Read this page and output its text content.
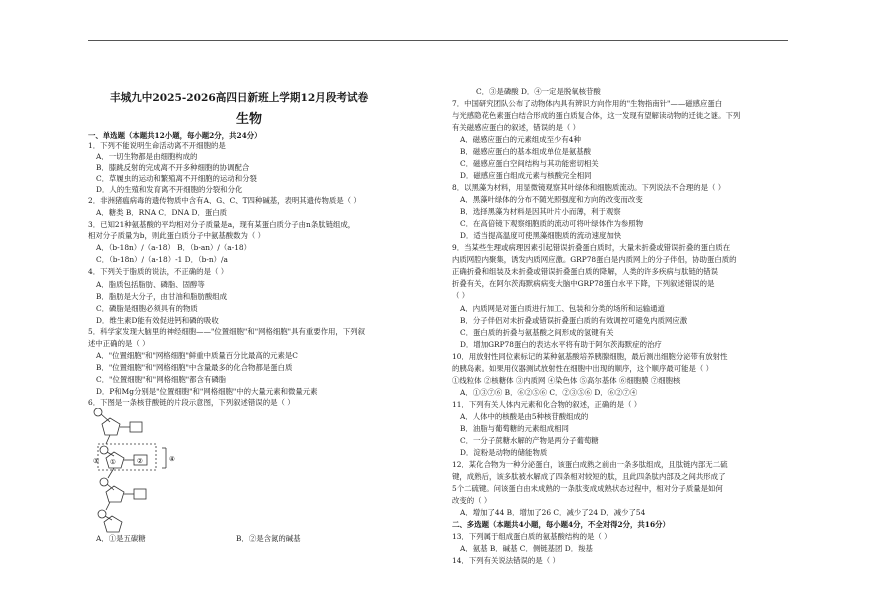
丰城九中2025-2026高四日新班上学期12月段考试卷
生物
一、单选题（本题共12小题，每小题2分，共24分）
1．下列不能说明生命活动离不开细胞的是
A．一切生物都是由细胞构成的
B．膝跳反射的完成离不开多种细胞的协调配合
C．草履虫的运动和繁殖离不开细胞的运动和分裂
D．人的生殖和发育离不开细胞的分裂和分化
2．非洲猪瘟病毒的遗传物质中含有A、G、C、T四种碱基，表明其遗传物质是（ ）
A．糖类 B．RNA C．DNA D．蛋白质
3．已知21种氨基酸的平均相对分子质量是a，现有某蛋白质分子由n条肽链组成，
相对分子质量为b，则此蛋白质分子中氨基酸数为（ ）
A．（b-18n）/（a-18） B．（b-an）/（a-18）
C．（b-18n）/（a-18）-1 D．（b-n）/a
4．下列关于脂质的说法，不正确的是（ ）
A．脂质包括脂肪、磷脂、固醇等
B．脂肪是大分子，由甘油和脂肪酸组成
C．磷脂是细胞必须具有的物质
D．维生素D能有效促进钙和磷的吸收
5．科学家发现大脑里的神经细胞——"位置细胞"和"网格细胞"具有重要作用，下列叙
述中正确的是（ ）
A．"位置细胞"和"网格细胞"鲜重中质量百分比最高的元素是C
B．"位置细胞"和"网格细胞"中含量最多的化合物都是蛋白质
C．"位置细胞"和"网格细胞"都含有磷脂
D．P和Mg分别是"位置细胞"和"网格细胞"中的大量元素和微量元素
6．下图是一条核苷酸链的片段示意图，下列叙述错误的是（ ）
C．③是磷酸 D．④一定是脱氧核苷酸
7．中国研究团队公布了动物体内具有辨识方向作用的"生物指南针"——磁感应蛋白
与光感隐花色素蛋白结合形成的蛋白质复合体，这一发现有望解读动物的迁徙之谜。下列
有关磁感应蛋白的叙述，错误的是（ ）
A．磁感应蛋白的元素组成至少有4种
B．磁感应蛋白的基本组成单位是氨基酸
C．磁感应蛋白空间结构与其功能密切相关
D．磁感应蛋白组成元素与核酸完全相同
8．以黑藻为材料，用显微镜观察其叶绿体和细胞质流动。下列说法不合理的是（ ）
A．黑藻叶绿体的分布不随光照强度和方向的改变而改变
B．选择黑藻为材料是因其叶片小而薄，利于观察
C．在高倍镜下观察细胞质的流动可将叶绿体作为参照物
D．适当提高温度可使黑藻细胞质的流动速度加快
9．当某些生理或病理因素引起错误折叠蛋白质时，大量未折叠或错误折叠的蛋白质在
内质网腔内聚集，诱发内质网应激。GRP78蛋白是内质网上的分子伴侣，协助蛋白质的
正确折叠和组装及未折叠或错误折叠蛋白质的降解，人类的许多疾病与肽链的错误
折叠有关，在阿尔茨海默病病变大脑中GRP78蛋白水平下降，下列叙述错误的是
（ ）
A．内质网是对蛋白质进行加工、包装和分类的场所和运输通道
B．分子伴侣对未折叠或错误折叠蛋白质的有效调控可避免内质网应激
C．蛋白质的折叠与氨基酸之间形成的氢键有关
D．增加GRP78蛋白的表达水平将有助于阿尔茨海默症的治疗
10．用放射性同位素标记的某种氨基酸培养胰腺细胞，最后测出细胞分泌带有放射性
的胰岛素。如果用仪器测试放射性在细胞中出现的顺序，这个顺序最可能是（ ）
①线粒体 ②核糖体 ③内质网 ④染色体 ⑤高尔基体 ⑥细胞膜 ⑦细胞核
A．①③⑦⑥ B．⑥②⑤⑥ C．②③⑤⑥ D．⑥②⑦④
11．下列有关人体内元素和化合物的叙述，正确的是（ ）
A．人体中的核酸是由5种核苷酸组成的
B．油脂与葡萄糖的元素组成相同
C．一分子蔗糖水解的产物是两分子葡萄糖
D．淀粉是动物的储能物质
12．某化合物为一种分泌蛋白，该蛋白成熟之前由一条多肽组成，且肽链内部无二硫
键，成熟后，该多肽被水解成了四条相对较短的肽，且此四条肽内部及之间共形成了
5个二硫键。问该蛋白由未成熟的一条肽变成成熟状态过程中，相对分子质量是如何
改变的（ ）
A．增加了44 B．增加了26 C．减少了24 D．减少了54
二、多选题（本题共4小题，每小题4分，不全对得2分，共16分）
13．下列属于组成蛋白质的氨基酸结构的是（ ）
A．氨基 B．碱基 C．侧链基团 D．羧基
14．下列有关说法错误的是（ ）
③ ①	②	④
A．①是五碳糖	B．②是含氮的碱基
